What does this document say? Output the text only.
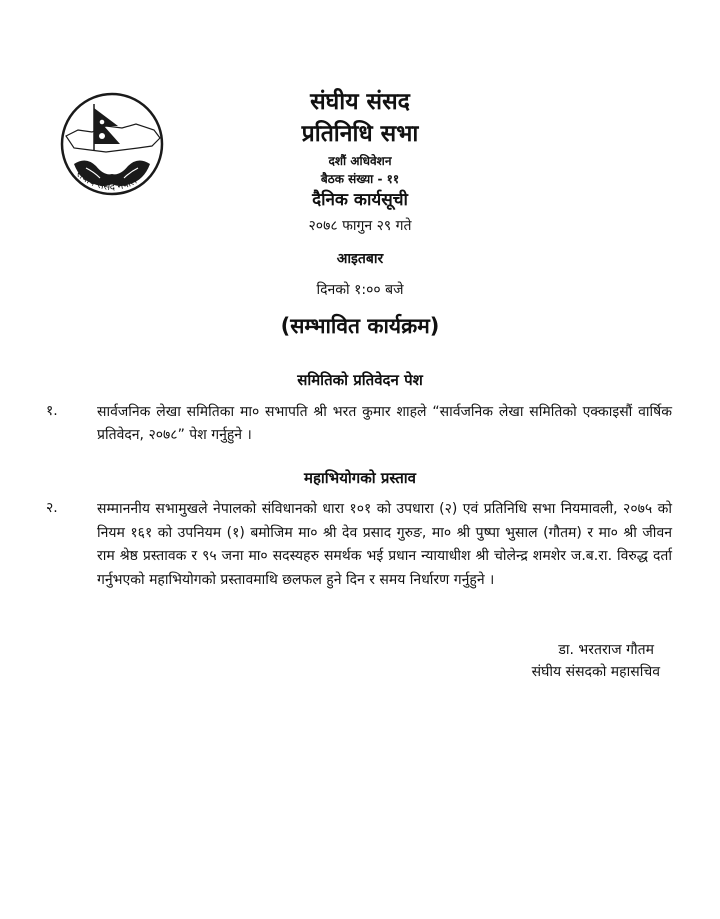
संघीय संसद नेपाल
संघीय संसद
प्रतिनिधि सभा
दशौं अधिवेशन
बैठक संख्या - ११
दैनिक कार्यसूची
२०७८ फागुन २९ गते
आइतबार
दिनको १:०० बजे
(सम्भावित कार्यक्रम)
समितिको प्रतिवेदन पेश
१.	सार्वजनिक लेखा समितिका मा० सभापति श्री भरत कुमार शाहले “सार्वजनिक लेखा समितिको एक्काइसौं वार्षिक प्रतिवेदन, २०७८” पेश गर्नुहुने ।
महाभियोगको प्रस्ताव
२.	सम्माननीय सभामुखले नेपालको संविधानको धारा १०१ को उपधारा (२) एवं प्रतिनिधि सभा नियमावली, २०७५ को नियम १६१ को उपनियम (१) बमोजिम मा० श्री देव प्रसाद गुरुङ, मा० श्री पुष्पा भुसाल (गौतम) र मा० श्री जीवन राम श्रेष्ठ प्रस्तावक र ९५ जना मा० सदस्यहरु समर्थक भई प्रधान न्यायाधीश श्री चोलेन्द्र शमशेर ज.ब.रा. विरुद्ध दर्ता गर्नुभएको महाभियोगको प्रस्तावमाथि छलफल हुने दिन र समय निर्धारण गर्नुहुने ।
डा. भरतराज गौतम
संघीय संसदको महासचिव
